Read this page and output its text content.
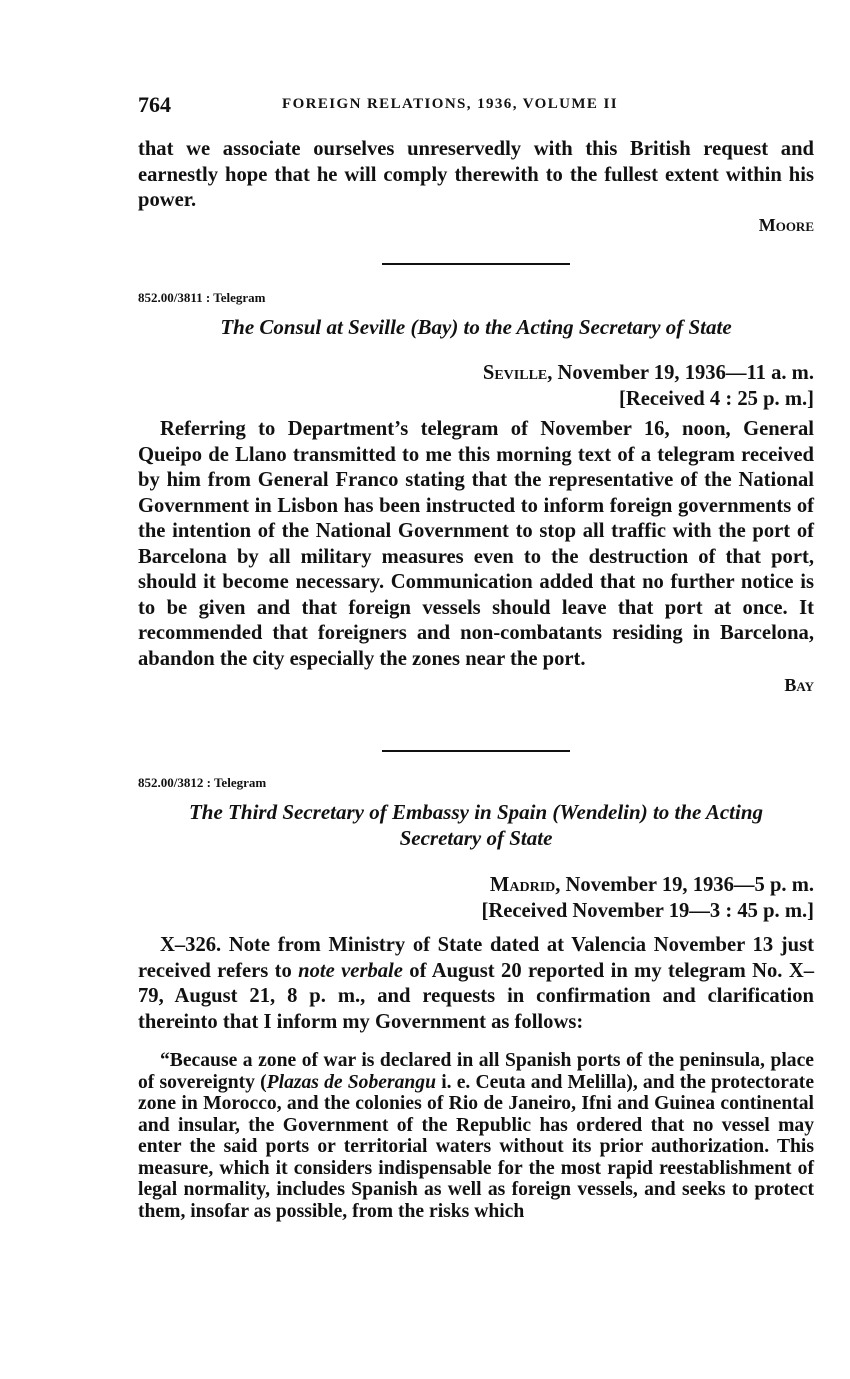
764	FOREIGN RELATIONS, 1936, VOLUME II

that we associate ourselves unreservedly with this British request and earnestly hope that he will comply therewith to the fullest extent within his power.

Moore
852.00/3811 : Telegram
The Consul at Seville (Bay) to the Acting Secretary of State
Seville, November 19, 1936—11 a. m.
[Received 4 : 25 p. m.]

Referring to Department’s telegram of November 16, noon, General Queipo de Llano transmitted to me this morning text of a telegram received by him from General Franco stating that the representative of the National Government in Lisbon has been instructed to inform foreign governments of the intention of the National Government to stop all traffic with the port of Barcelona by all military measures even to the destruction of that port, should it become necessary. Communication added that no further notice is to be given and that foreign vessels should leave that port at once. It recommended that foreigners and non-combatants residing in Barcelona, abandon the city especially the zones near the port.

Bay
852.00/3812 : Telegram
The Third Secretary of Embassy in Spain (Wendelin) to the Acting
Secretary of State
Madrid, November 19, 1936—5 p. m.
[Received November 19—3 : 45 p. m.]

X–326. Note from Ministry of State dated at Valencia November 13 just received refers to note verbale of August 20 reported in my telegram No. X–79, August 21, 8 p. m., and requests in confirmation and clarification thereinto that I inform my Government as follows:

“Because a zone of war is declared in all Spanish ports of the peninsula, place of sovereignty (Plazas de Soberangu i. e. Ceuta and Melilla), and the protectorate zone in Morocco, and the colonies of Rio de Janeiro, Ifni and Guinea continental and insular, the Government of the Republic has ordered that no vessel may enter the said ports or territorial waters without its prior authorization. This measure, which it considers indispensable for the most rapid reestablishment of legal normality, includes Spanish as well as foreign vessels, and seeks to protect them, insofar as possible, from the risks which
